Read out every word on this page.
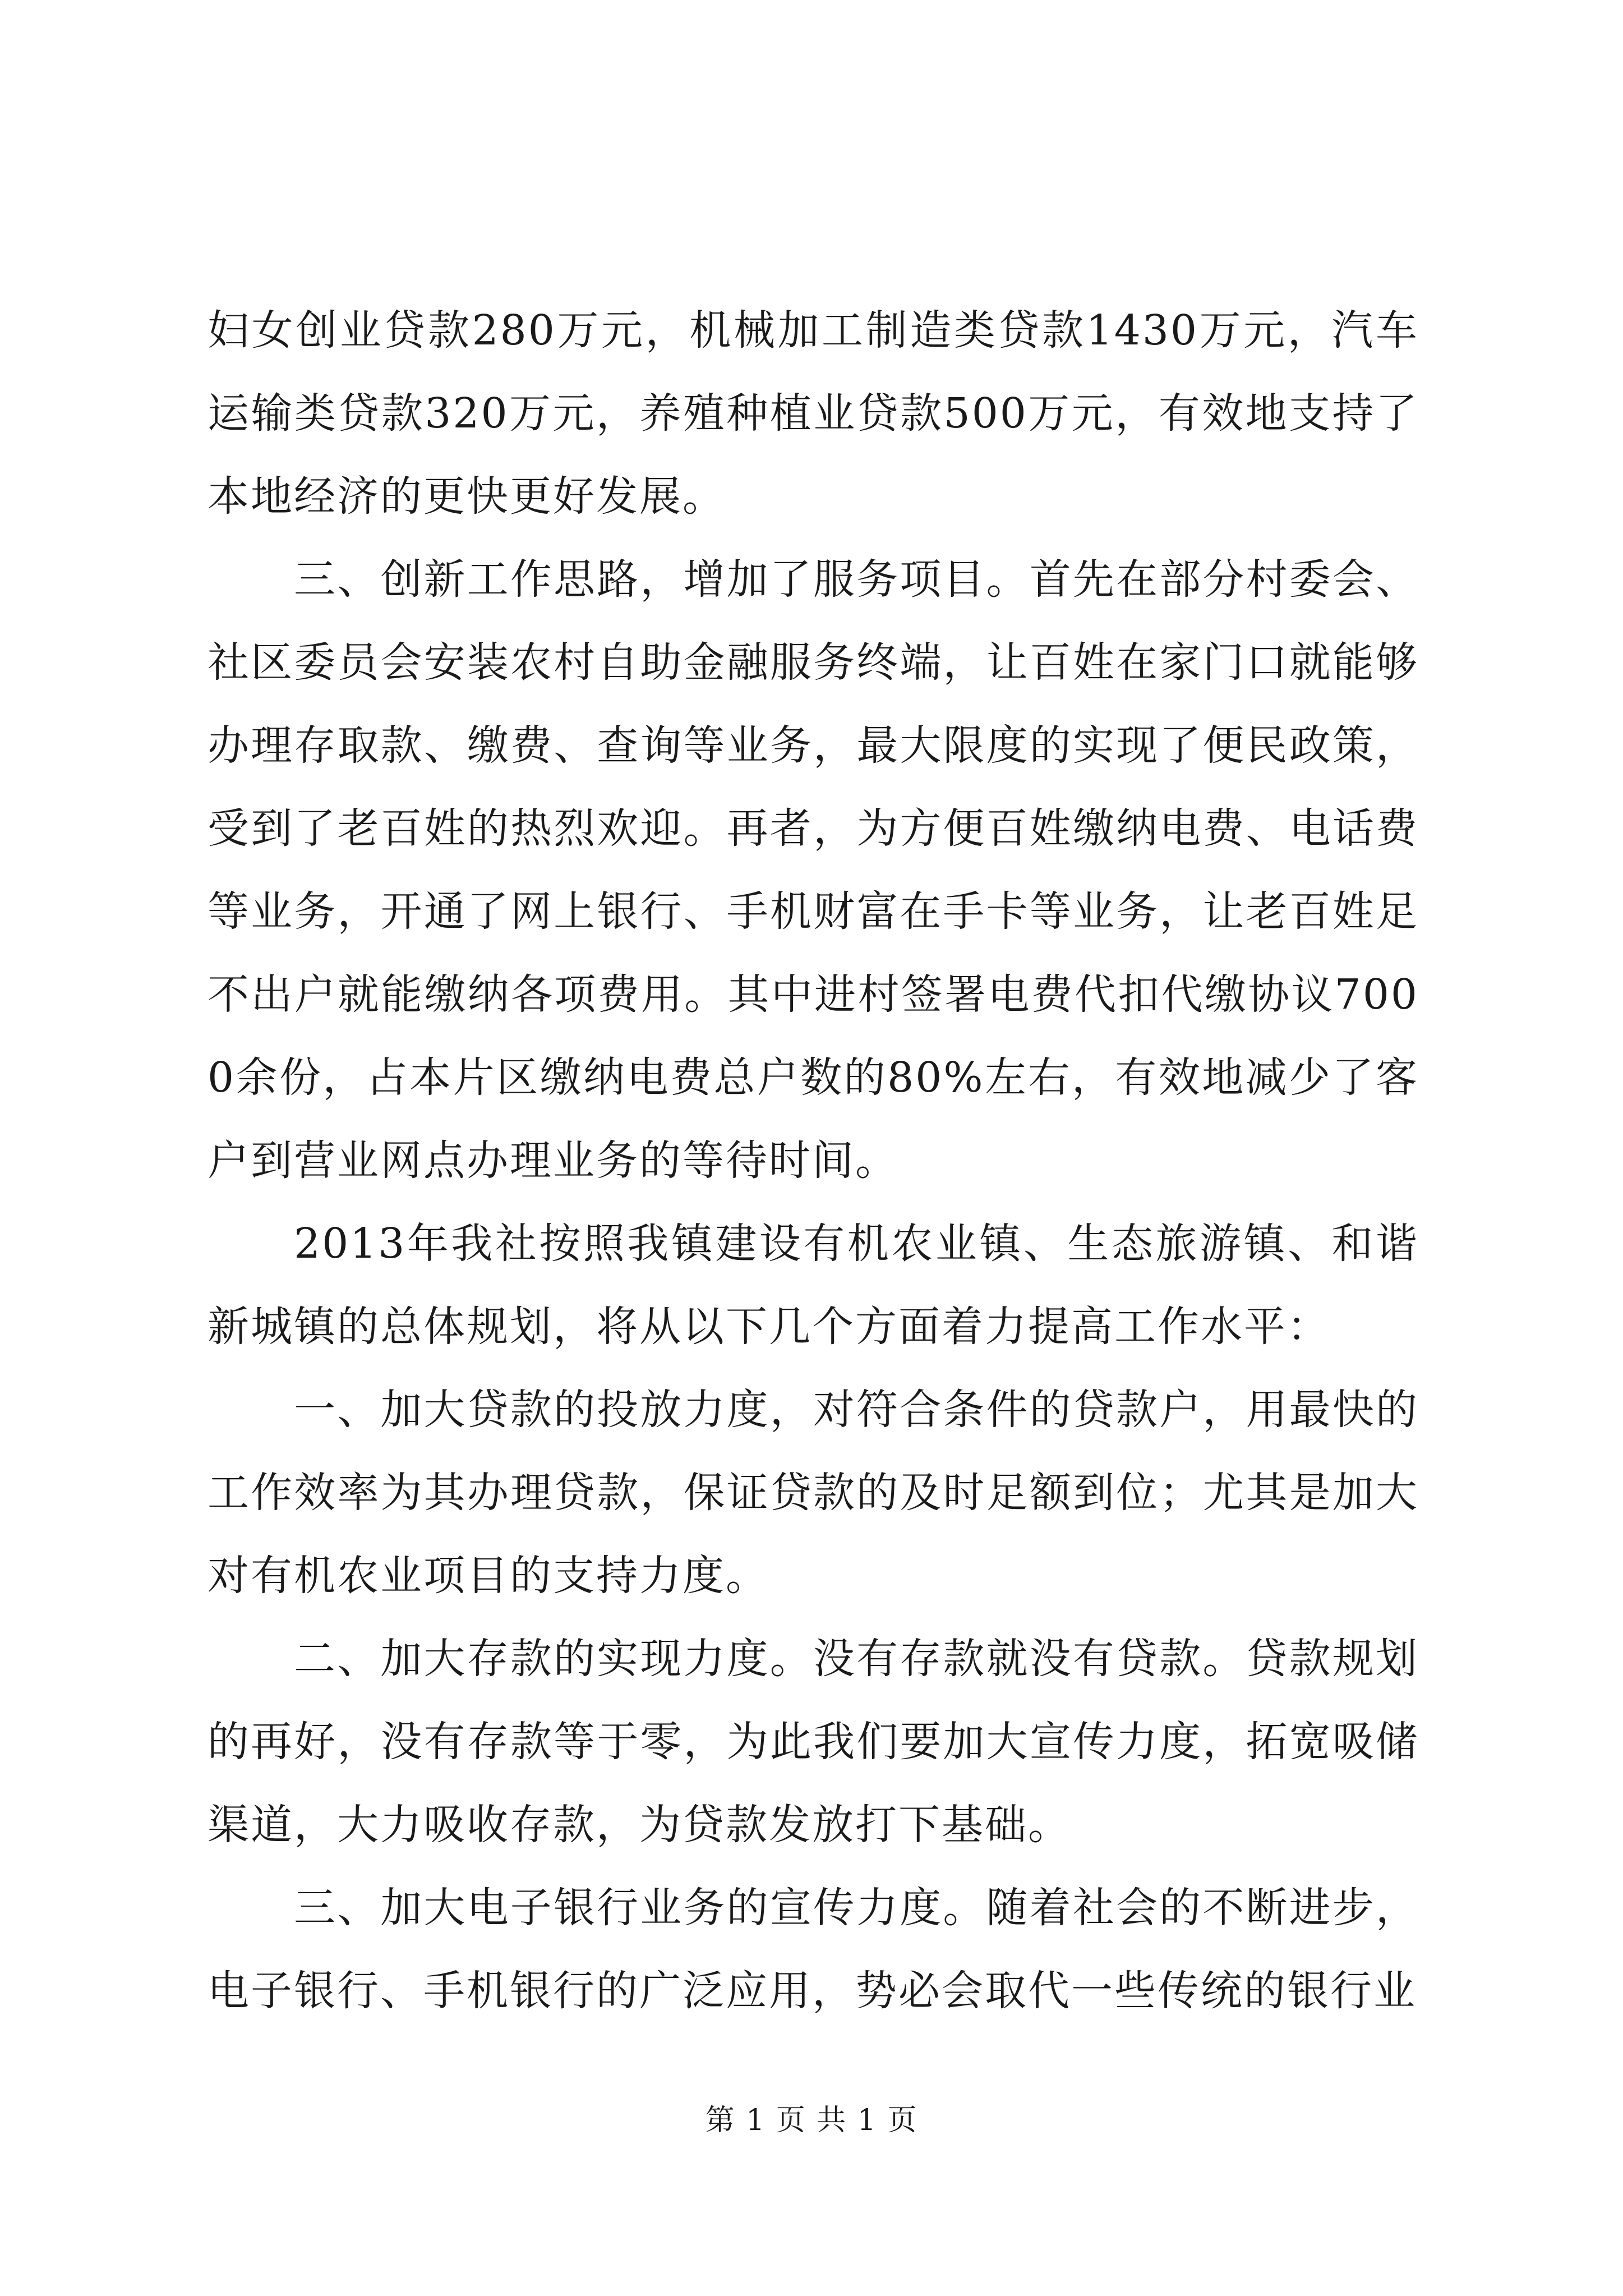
妇女创业贷款280万元，机械加工制造类贷款1430万元，汽车运输类贷款320万元，养殖种植业贷款500万元，有效地支持了本地经济的更快更好发展。

三、创新工作思路，增加了服务项目。首先在部分村委会、社区委员会安装农村自助金融服务终端，让百姓在家门口就能够办理存取款、缴费、查询等业务，最大限度的实现了便民政策，受到了老百姓的热烈欢迎。再者，为方便百姓缴纳电费、电话费等业务，开通了网上银行、手机财富在手卡等业务，让老百姓足不出户就能缴纳各项费用。其中进村签署电费代扣代缴协议7000余份，占本片区缴纳电费总户数的80%左右，有效地减少了客户到营业网点办理业务的等待时间。

2013年我社按照我镇建设有机农业镇、生态旅游镇、和谐新城镇的总体规划，将从以下几个方面着力提高工作水平：

一、加大贷款的投放力度，对符合条件的贷款户，用最快的工作效率为其办理贷款，保证贷款的及时足额到位；尤其是加大对有机农业项目的支持力度。

二、加大存款的实现力度。没有存款就没有贷款。贷款规划的再好，没有存款等于零，为此我们要加大宣传力度，拓宽吸储渠道，大力吸收存款，为贷款发放打下基础。

三、加大电子银行业务的宣传力度。随着社会的不断进步，电子银行、手机银行的广泛应用，势必会取代一些传统的银行业

第 1 页 共 1 页
